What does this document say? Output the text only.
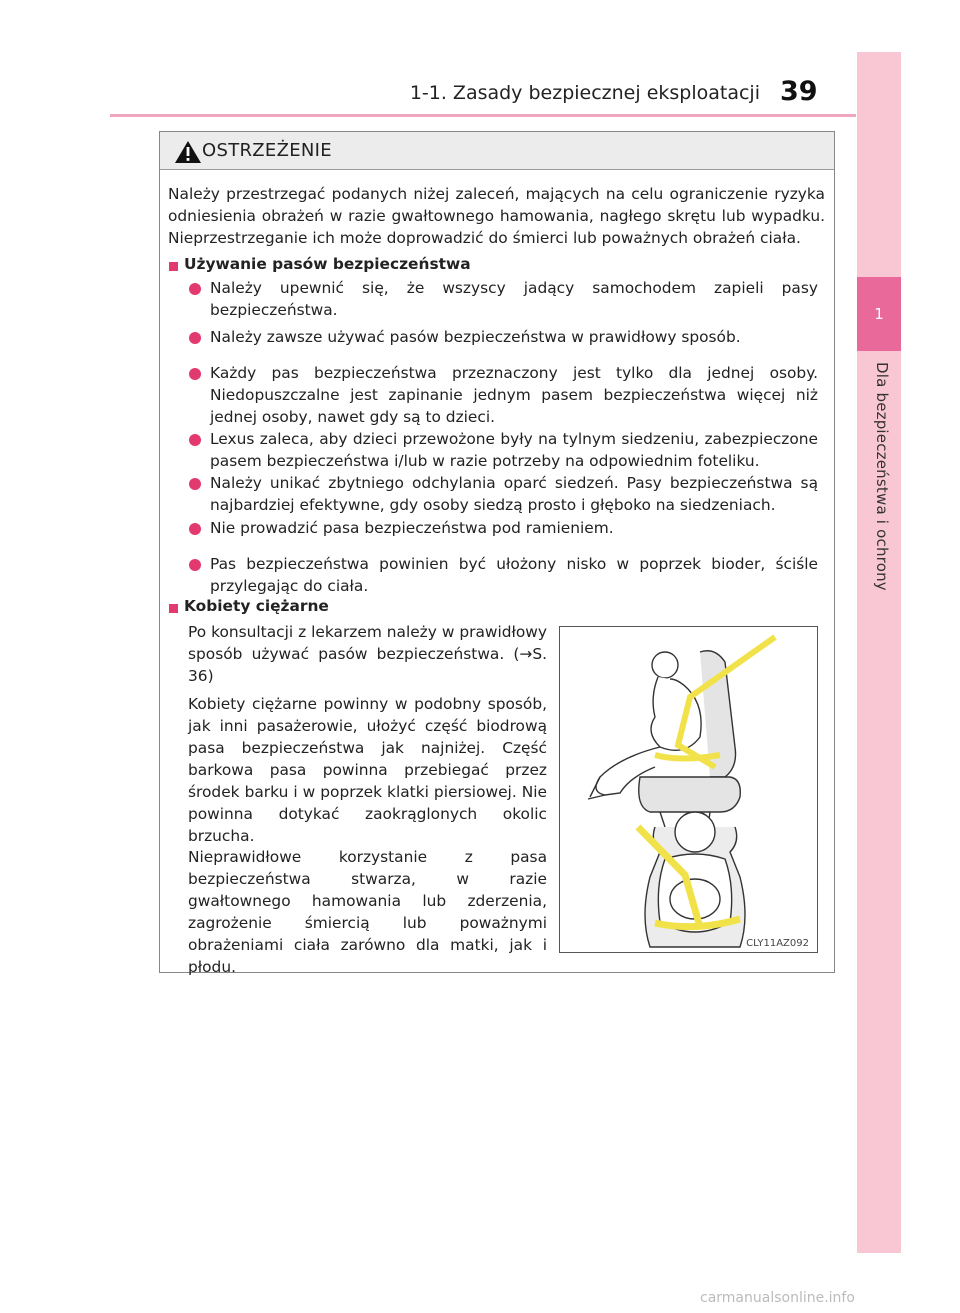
1-1. Zasady bezpiecznej eksploatacji 39
1
Dla bezpieczeństwa i ochrony
OSTRZEŻENIE

Należy przestrzegać podanych niżej zaleceń, mających na celu ograniczenie ryzyka odniesienia obrażeń w razie gwałtownego hamowania, nagłego skrętu lub wypadku. Nieprzestrzeganie ich może doprowadzić do śmierci lub poważnych obrażeń ciała.

Używanie pasów bezpieczeństwa

Należy upewnić się, że wszyscy jadący samochodem zapieli pasy bezpieczeństwa.

Należy zawsze używać pasów bezpieczeństwa w prawidłowy sposób.

Każdy pas bezpieczeństwa przeznaczony jest tylko dla jednej osoby. Niedopuszczalne jest zapinanie jednym pasem bezpieczeństwa więcej niż jednej osoby, nawet gdy są to dzieci.

Lexus zaleca, aby dzieci przewożone były na tylnym siedzeniu, zabezpieczone pasem bezpieczeństwa i/lub w razie potrzeby na odpowiednim foteliku.

Należy unikać zbytniego odchylania oparć siedzeń. Pasy bezpieczeństwa są najbardziej efektywne, gdy osoby siedzą prosto i głęboko na siedzeniach.

Nie prowadzić pasa bezpieczeństwa pod ramieniem.

Pas bezpieczeństwa powinien być ułożony nisko w poprzek bioder, ściśle przylegając do ciała.

Kobiety ciężarne

Po konsultacji z lekarzem należy w prawidłowy sposób używać pasów bezpieczeństwa. (→S. 36)

Kobiety ciężarne powinny w podobny sposób, jak inni pasażerowie, ułożyć część biodrową pasa bezpieczeństwa jak najniżej. Część barkowa pasa powinna przebiegać przez środek barku i w poprzek klatki piersiowej. Nie powinna dotykać zaokrąglonych okolic brzucha.

Nieprawidłowe korzystanie z pasa bezpieczeństwa stwarza, w razie gwałtownego hamowania lub zderzenia, zagrożenie śmiercią lub poważnymi obrażeniami ciała zarówno dla matki, jak i płodu.

CLY11AZ092
carmanualsonline.info
